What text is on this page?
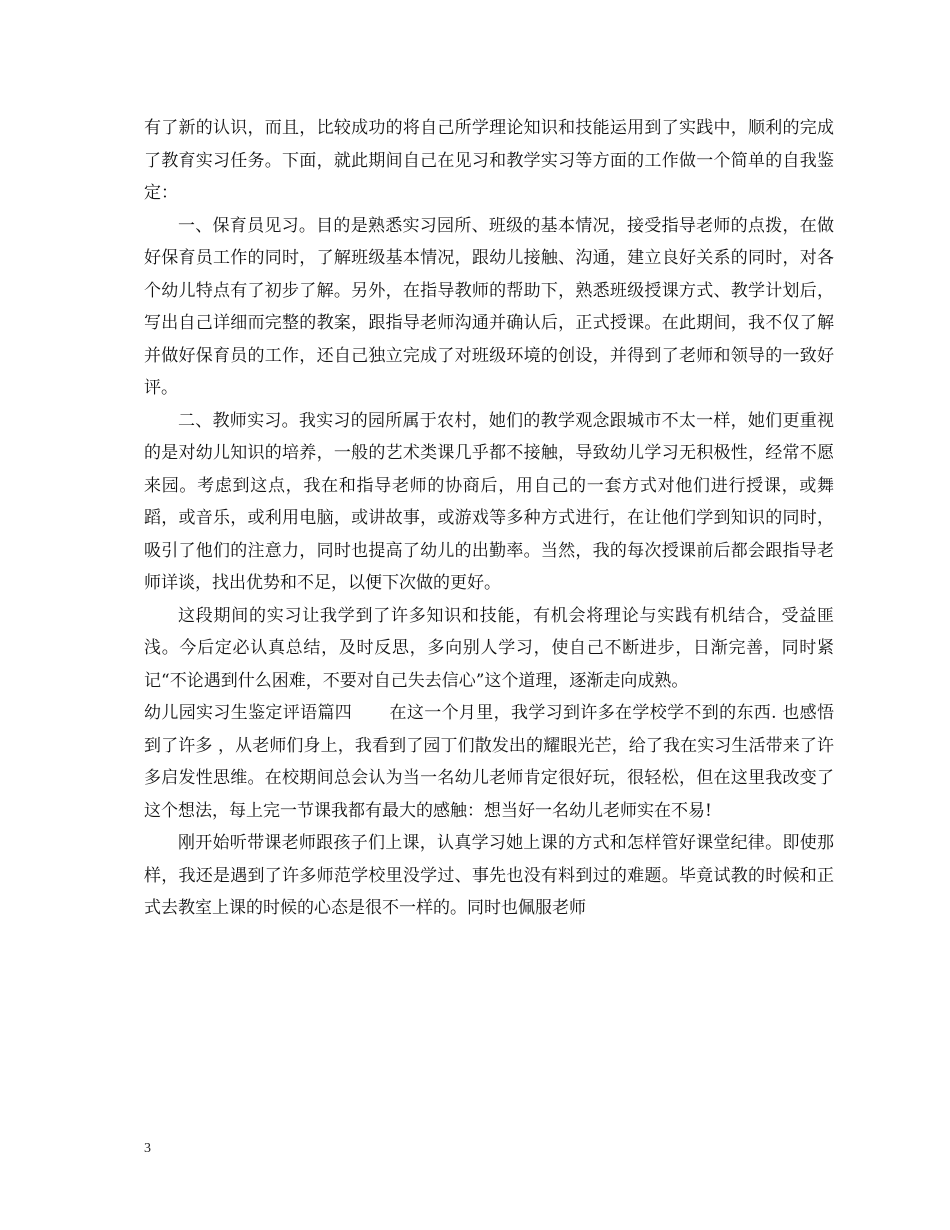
有了新的认识，而且，比较成功的将自己所学理论知识和技能运用到了实践中，顺利的完成了教育实习任务。下面，就此期间自己在见习和教学实习等方面的工作做一个简单的自我鉴定：

一、保育员见习。目的是熟悉实习园所、班级的基本情况，接受指导老师的点拨，在做好保育员工作的同时，了解班级基本情况，跟幼儿接触、沟通，建立良好关系的同时，对各个幼儿特点有了初步了解。另外，在指导教师的帮助下，熟悉班级授课方式、教学计划后，写出自己详细而完整的教案，跟指导老师沟通并确认后，正式授课。在此期间，我不仅了解并做好保育员的工作，还自己独立完成了对班级环境的创设，并得到了老师和领导的一致好评。

二、教师实习。我实习的园所属于农村，她们的教学观念跟城市不太一样，她们更重视的是对幼儿知识的培养，一般的艺术类课几乎都不接触，导致幼儿学习无积极性，经常不愿来园。考虑到这点，我在和指导老师的协商后，用自己的一套方式对他们进行授课，或舞蹈，或音乐，或利用电脑，或讲故事，或游戏等多种方式进行，在让他们学到知识的同时，吸引了他们的注意力，同时也提高了幼儿的出勤率。当然，我的每次授课前后都会跟指导老师详谈，找出优势和不足，以便下次做的更好。

这段期间的实习让我学到了许多知识和技能，有机会将理论与实践有机结合，受益匪浅。今后定必认真总结，及时反思，多向别人学习，使自己不断进步，日渐完善，同时紧记“不论遇到什么困难，不要对自己失去信心”这个道理，逐渐走向成熟。

幼儿园实习生鉴定评语篇四 在这一个月里，我学习到许多在学校学不到的东西. 也感悟到了许多 ，从老师们身上，我看到了园丁们散发出的耀眼光芒，给了我在实习生活带来了许多启发性思维。在校期间总会认为当一名幼儿老师肯定很好玩，很轻松，但在这里我改变了这个想法，每上完一节课我都有最大的感触：想当好一名幼儿老师实在不易!

刚开始听带课老师跟孩子们上课，认真学习她上课的方式和怎样管好课堂纪律。即使那样，我还是遇到了许多师范学校里没学过、事先也没有料到过的难题。毕竟试教的时候和正式去教室上课的时候的心态是很不一样的。同时也佩服老师

3
